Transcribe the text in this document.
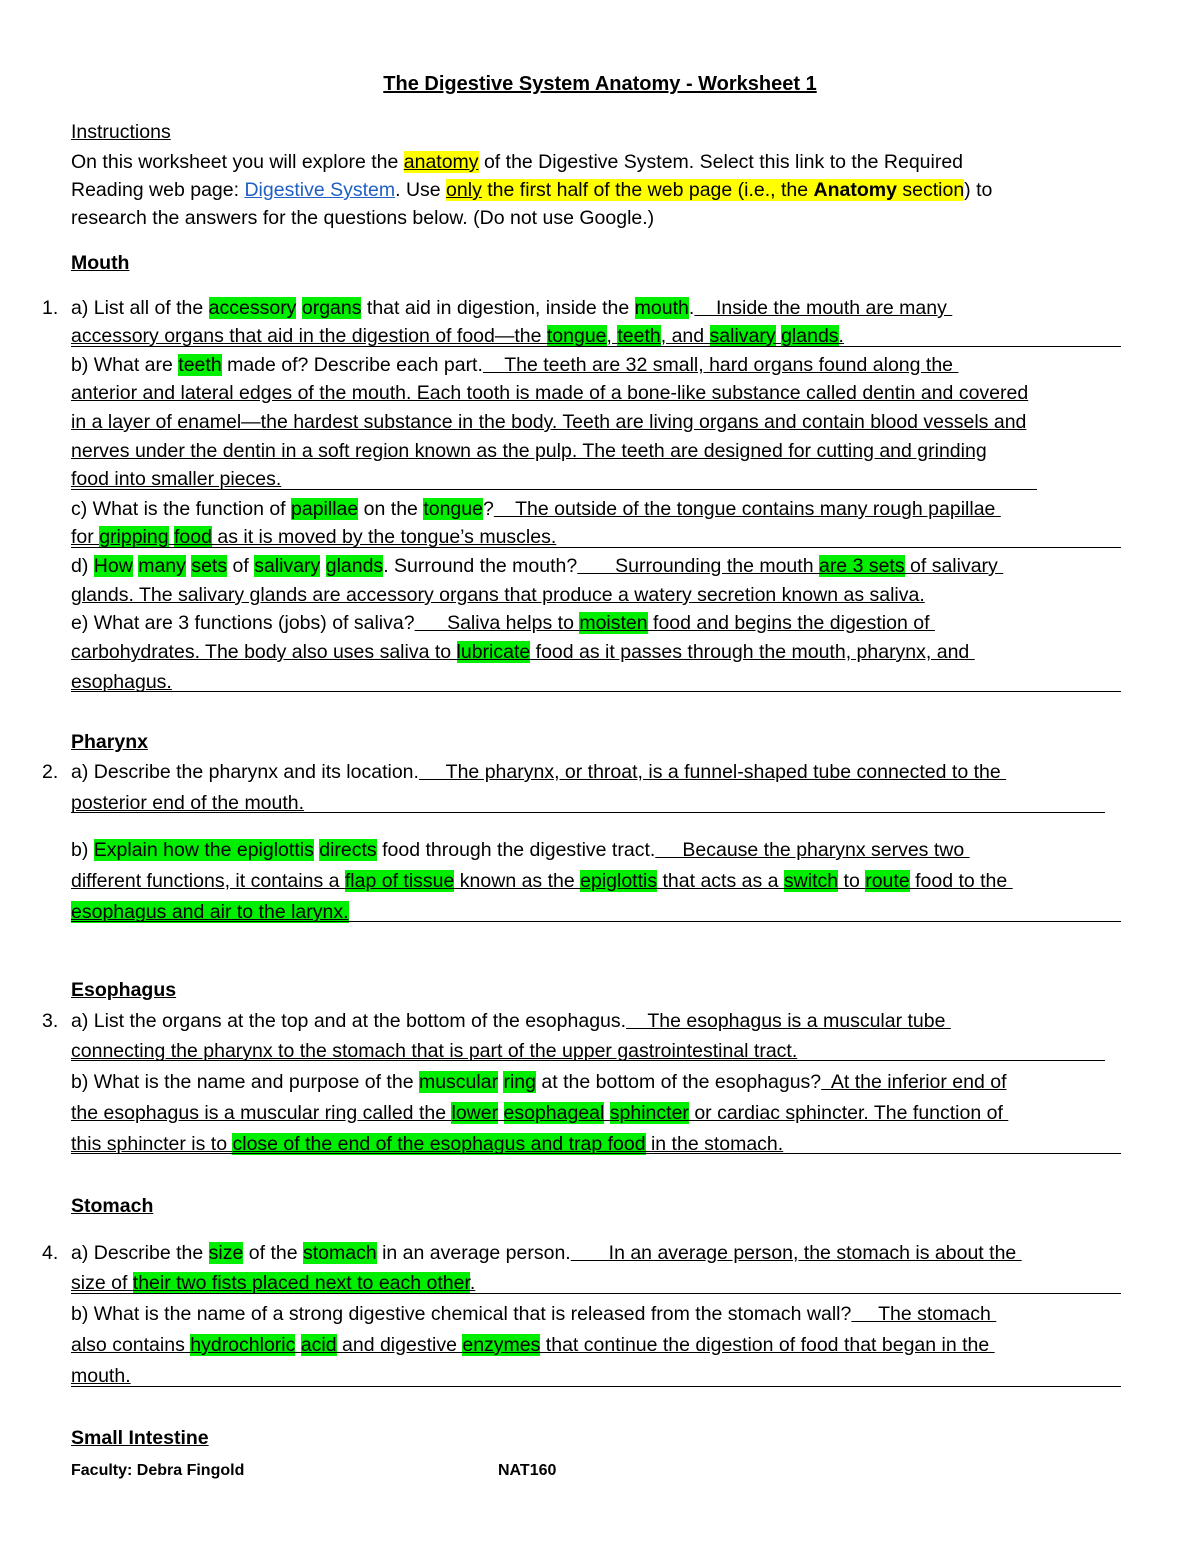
The Digestive System Anatomy - Worksheet 1
Instructions
On this worksheet you will explore the anatomy of the Digestive System. Select this link to the Required
Reading web page: Digestive System. Use only the first half of the web page (i.e., the Anatomy section) to
research the answers for the questions below. (Do not use Google.)
Mouth
1. a) List all of the accessory organs that aid in digestion, inside the mouth.    Inside the mouth are many
accessory organs that aid in the digestion of food—the tongue, teeth, and salivary glands.
b) What are teeth made of? Describe each part.    The teeth are 32 small, hard organs found along the
anterior and lateral edges of the mouth. Each tooth is made of a bone-like substance called dentin and covered
in a layer of enamel—the hardest substance in the body. Teeth are living organs and contain blood vessels and
nerves under the dentin in a soft region known as the pulp. The teeth are designed for cutting and grinding
food into smaller pieces.
c) What is the function of papillae on the tongue?    The outside of the tongue contains many rough papillae
for gripping food as it is moved by the tongue’s muscles.
d) How many sets of salivary glands. Surround the mouth?       Surrounding the mouth are 3 sets of salivary
glands. The salivary glands are accessory organs that produce a watery secretion known as saliva.
e) What are 3 functions (jobs) of saliva?      Saliva helps to moisten food and begins the digestion of
carbohydrates. The body also uses saliva to lubricate food as it passes through the mouth, pharynx, and
esophagus.
Pharynx
2. a) Describe the pharynx and its location.     The pharynx, or throat, is a funnel-shaped tube connected to the
posterior end of the mouth.
b) Explain how the epiglottis directs food through the digestive tract.     Because the pharynx serves two
different functions, it contains a flap of tissue known as the epiglottis that acts as a switch to route food to the
esophagus and air to the larynx.
Esophagus
3. a) List the organs at the top and at the bottom of the esophagus.    The esophagus is a muscular tube
connecting the pharynx to the stomach that is part of the upper gastrointestinal tract.
b) What is the name and purpose of the muscular ring at the bottom of the esophagus?  At the inferior end of
the esophagus is a muscular ring called the lower esophageal sphincter or cardiac sphincter. The function of
this sphincter is to close of the end of the esophagus and trap food in the stomach.
Stomach
4. a) Describe the size of the stomach in an average person.       In an average person, the stomach is about the
size of their two fists placed next to each other.
b) What is the name of a strong digestive chemical that is released from the stomach wall?     The stomach
also contains hydrochloric acid and digestive enzymes that continue the digestion of food that began in the
mouth.
Small Intestine
Faculty: Debra Fingold	NAT160
